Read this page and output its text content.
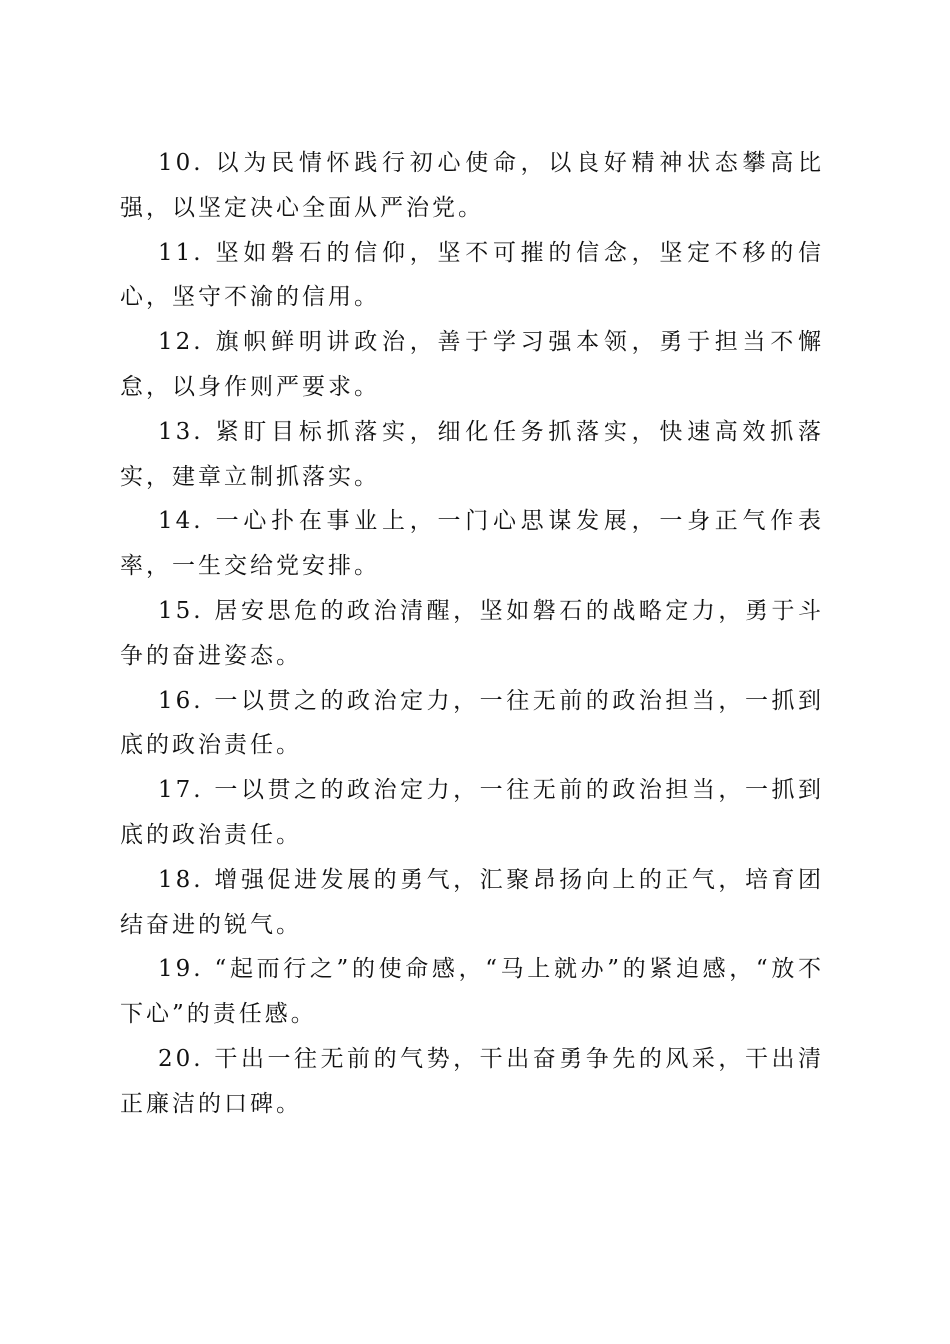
10. 以为民情怀践行初心使命，以良好精神状态攀高比强，以坚定决心全面从严治党。

11. 坚如磐石的信仰，坚不可摧的信念，坚定不移的信心，坚守不渝的信用。

12. 旗帜鲜明讲政治，善于学习强本领，勇于担当不懈怠，以身作则严要求。

13. 紧盯目标抓落实，细化任务抓落实，快速高效抓落实，建章立制抓落实。

14. 一心扑在事业上，一门心思谋发展，一身正气作表率，一生交给党安排。

15. 居安思危的政治清醒，坚如磐石的战略定力，勇于斗争的奋进姿态。

16. 一以贯之的政治定力，一往无前的政治担当，一抓到底的政治责任。

17. 一以贯之的政治定力，一往无前的政治担当，一抓到底的政治责任。

18. 增强促进发展的勇气，汇聚昂扬向上的正气，培育团结奋进的锐气。

19. “起而行之”的使命感，“马上就办”的紧迫感，“放不下心”的责任感。

20. 干出一往无前的气势，干出奋勇争先的风采，干出清正廉洁的口碑。
